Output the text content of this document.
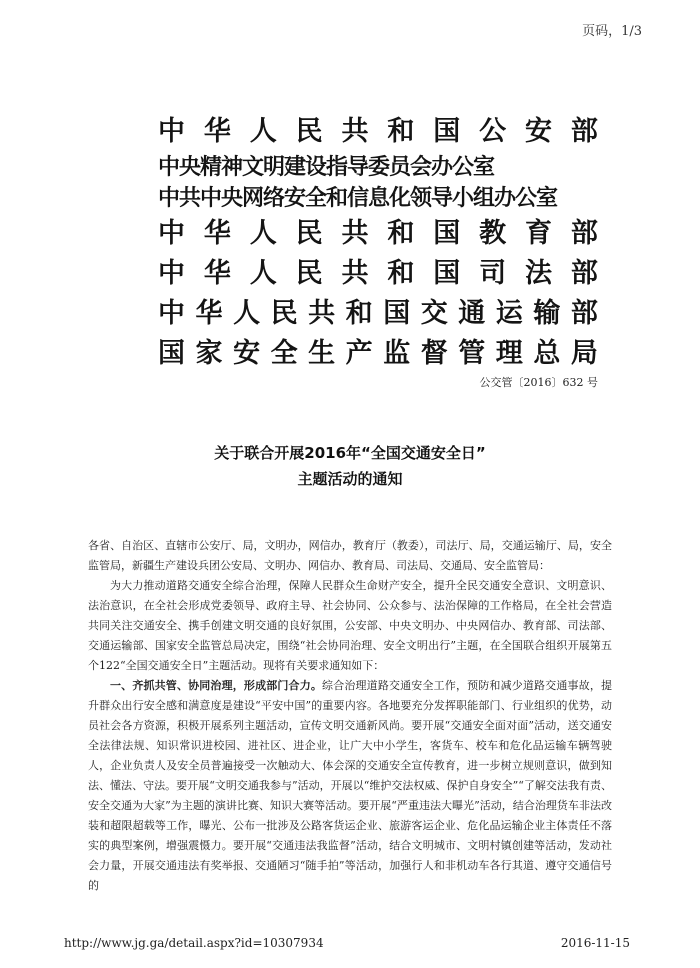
页码，1/3
中 华 人 民 共 和 国 公 安 部
中央精神文明建设指导委员会办公室
中共中央网络安全和信息化领导小组办公室
中 华 人 民 共 和 国 教 育 部
中 华 人 民 共 和 国 司 法 部
中 华 人 民 共 和 国 交 通 运 输 部
国 家 安 全 生 产 监 督 管 理 总 局
公交管〔2016〕632 号
关于联合开展2016年“全国交通安全日”
主题活动的通知

各省、自治区、直辖市公安厅、局，文明办，网信办，教育厅（教委），司法厅、局，交通运输厅、局，安全监管局，新疆生产建设兵团公安局、文明办、网信办、教育局、司法局、交通局、安全监管局：

为大力推动道路交通安全综合治理，保障人民群众生命财产安全，提升全民交通安全意识、文明意识、法治意识，在全社会形成党委领导、政府主导、社会协同、公众参与、法治保障的工作格局，在全社会营造共同关注交通安全、携手创建文明交通的良好氛围，公安部、中央文明办、中央网信办、教育部、司法部、交通运输部、国家安全监管总局决定，围绕“社会协同治理、安全文明出行”主题，在全国联合组织开展第五个122“全国交通安全日”主题活动。现将有关要求通知如下：

一、齐抓共管、协同治理，形成部门合力。综合治理道路交通安全工作，预防和减少道路交通事故，提升群众出行安全感和满意度是建设“平安中国”的重要内容。各地要充分发挥职能部门、行业组织的优势，动员社会各方资源，积极开展系列主题活动，宣传文明交通新风尚。要开展“交通安全面对面”活动，送交通安全法律法规、知识常识进校园、进社区、进企业，让广大中小学生，客货车、校车和危化品运输车辆驾驶人，企业负责人及安全员普遍接受一次触动大、体会深的交通安全宣传教育，进一步树立规则意识，做到知法、懂法、守法。要开展“文明交通我参与”活动，开展以“维护交法权威、保护自身安全”“了解交法我有责、安全交通为大家”为主题的演讲比赛、知识大赛等活动。要开展“严重违法大曝光”活动，结合治理货车非法改装和超限超载等工作，曝光、公布一批涉及公路客货运企业、旅游客运企业、危化品运输企业主体责任不落实的典型案例，增强震慑力。要开展“交通违法我监督”活动，结合文明城市、文明村镇创建等活动，发动社会力量，开展交通违法有奖举报、交通陋习“随手拍”等活动，加强行人和非机动车各行其道、遵守交通信号的

http://www.jg.ga/detail.aspx?id=10307934	2016-11-15
